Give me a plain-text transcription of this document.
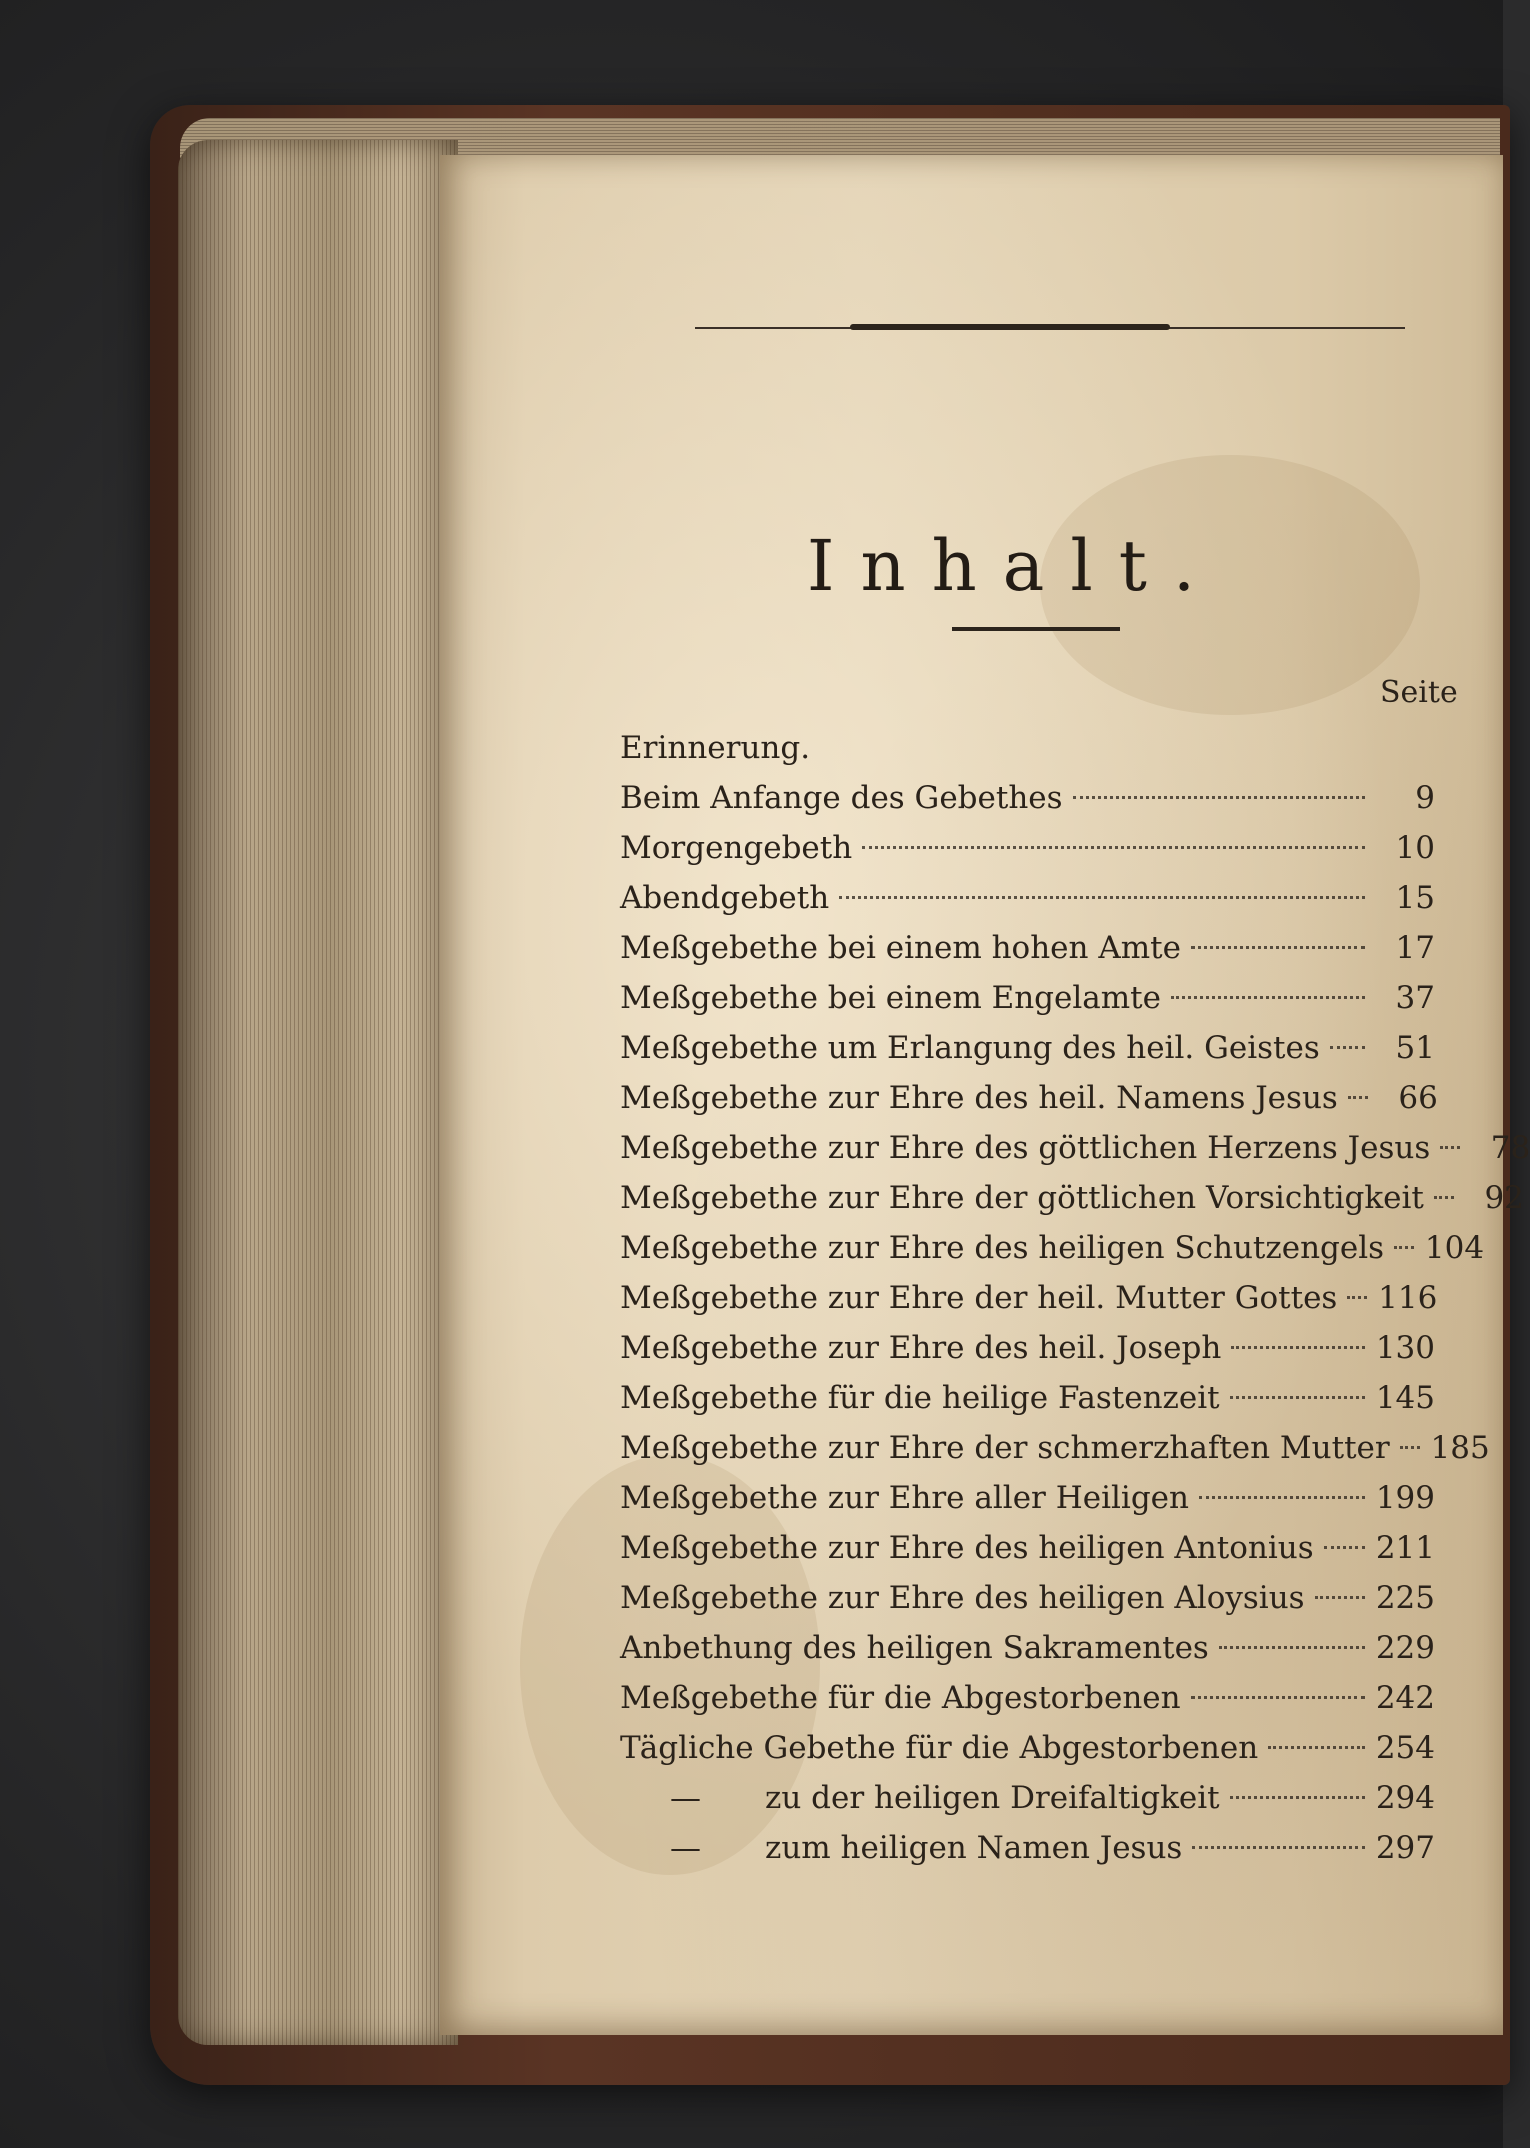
Inhalt.
Seite
Erinnerung.
Beim Anfange des Gebethes	9
Morgengebeth	10
Abendgebeth	15
Meßgebethe bei einem hohen Amte	17
Meßgebethe bei einem Engelamte	37
Meßgebethe um Erlangung des heil. Geistes	51
Meßgebethe zur Ehre des heil. Namens Jesus	66
Meßgebethe zur Ehre des göttlichen Herzens Jesus	78
Meßgebethe zur Ehre der göttlichen Vorsichtigkeit	92
Meßgebethe zur Ehre des heiligen Schutzengels 104
Meßgebethe zur Ehre der heil. Mutter Gottes 116
Meßgebethe zur Ehre des heil. Joseph	130
Meßgebethe für die heilige Fastenzeit	145
Meßgebethe zur Ehre der schmerzhaften Mutter 185
Meßgebethe zur Ehre aller Heiligen	199
Meßgebethe zur Ehre des heiligen Antonius 211
Meßgebethe zur Ehre des heiligen Aloysius 225
Anbethung des heiligen Sakramentes	229
Meßgebethe für die Abgestorbenen	242
Tägliche Gebethe für die Abgestorbenen	254
—	zu der heiligen Dreifaltigkeit	294
—	zum heiligen Namen Jesus	297
